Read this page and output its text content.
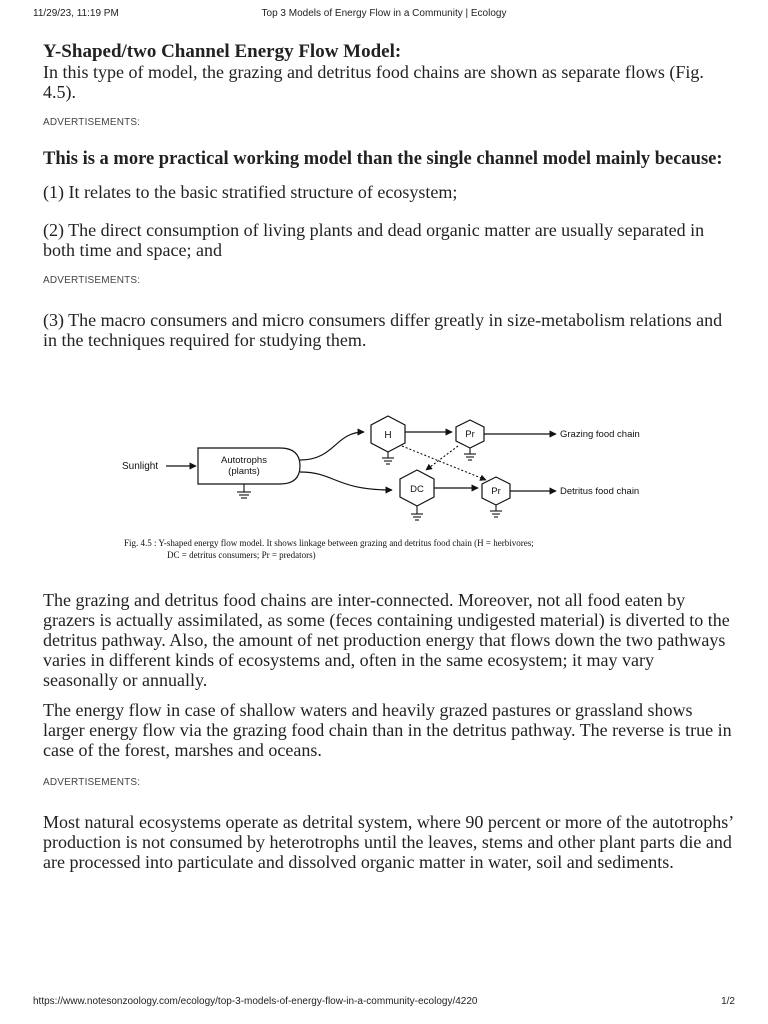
11/29/23, 11:19 PM	Top 3 Models of Energy Flow in a Community | Ecology
Y-Shaped/two Channel Energy Flow Model:

In this type of model, the grazing and detritus food chains are shown as separate flows (Fig. 4.5).

ADVERTISEMENTS:

This is a more practical working model than the single channel model mainly because:

(1) It relates to the basic stratified structure of ecosystem;

(2) The direct consumption of living plants and dead organic matter are usually separated in both time and space; and

ADVERTISEMENTS:

(3) The macro consumers and micro consumers differ greatly in size-metabolism relations and in the techniques required for studying them.

Sunlight
Autotrophs
(plants)
H	Pr	Grazing food chain
DC	Pr	Detritus food chain
Fig. 4.5 : Y-shaped energy flow model. It shows linkage between grazing and detritus food chain (H = herbivores;
DC = detritus consumers; Pr = predators)

The grazing and detritus food chains are inter-connected. Moreover, not all food eaten by grazers is actually assimilated, as some (feces containing undigested material) is diverted to the detritus pathway. Also, the amount of net production energy that flows down the two pathways varies in different kinds of ecosystems and, often in the same ecosystem; it may vary seasonally or annually.

The energy flow in case of shallow waters and heavily grazed pastures or grassland shows larger energy flow via the grazing food chain than in the detritus pathway. The reverse is true in case of the forest, marshes and oceans.

ADVERTISEMENTS:

Most natural ecosystems operate as detrital system, where 90 percent or more of the autotrophs’ production is not consumed by heterotrophs until the leaves, stems and other plant parts die and are processed into particulate and dissolved organic matter in water, soil and sediments.

https://www.notesonzoology.com/ecology/top-3-models-of-energy-flow-in-a-community-ecology/4220	1/2
